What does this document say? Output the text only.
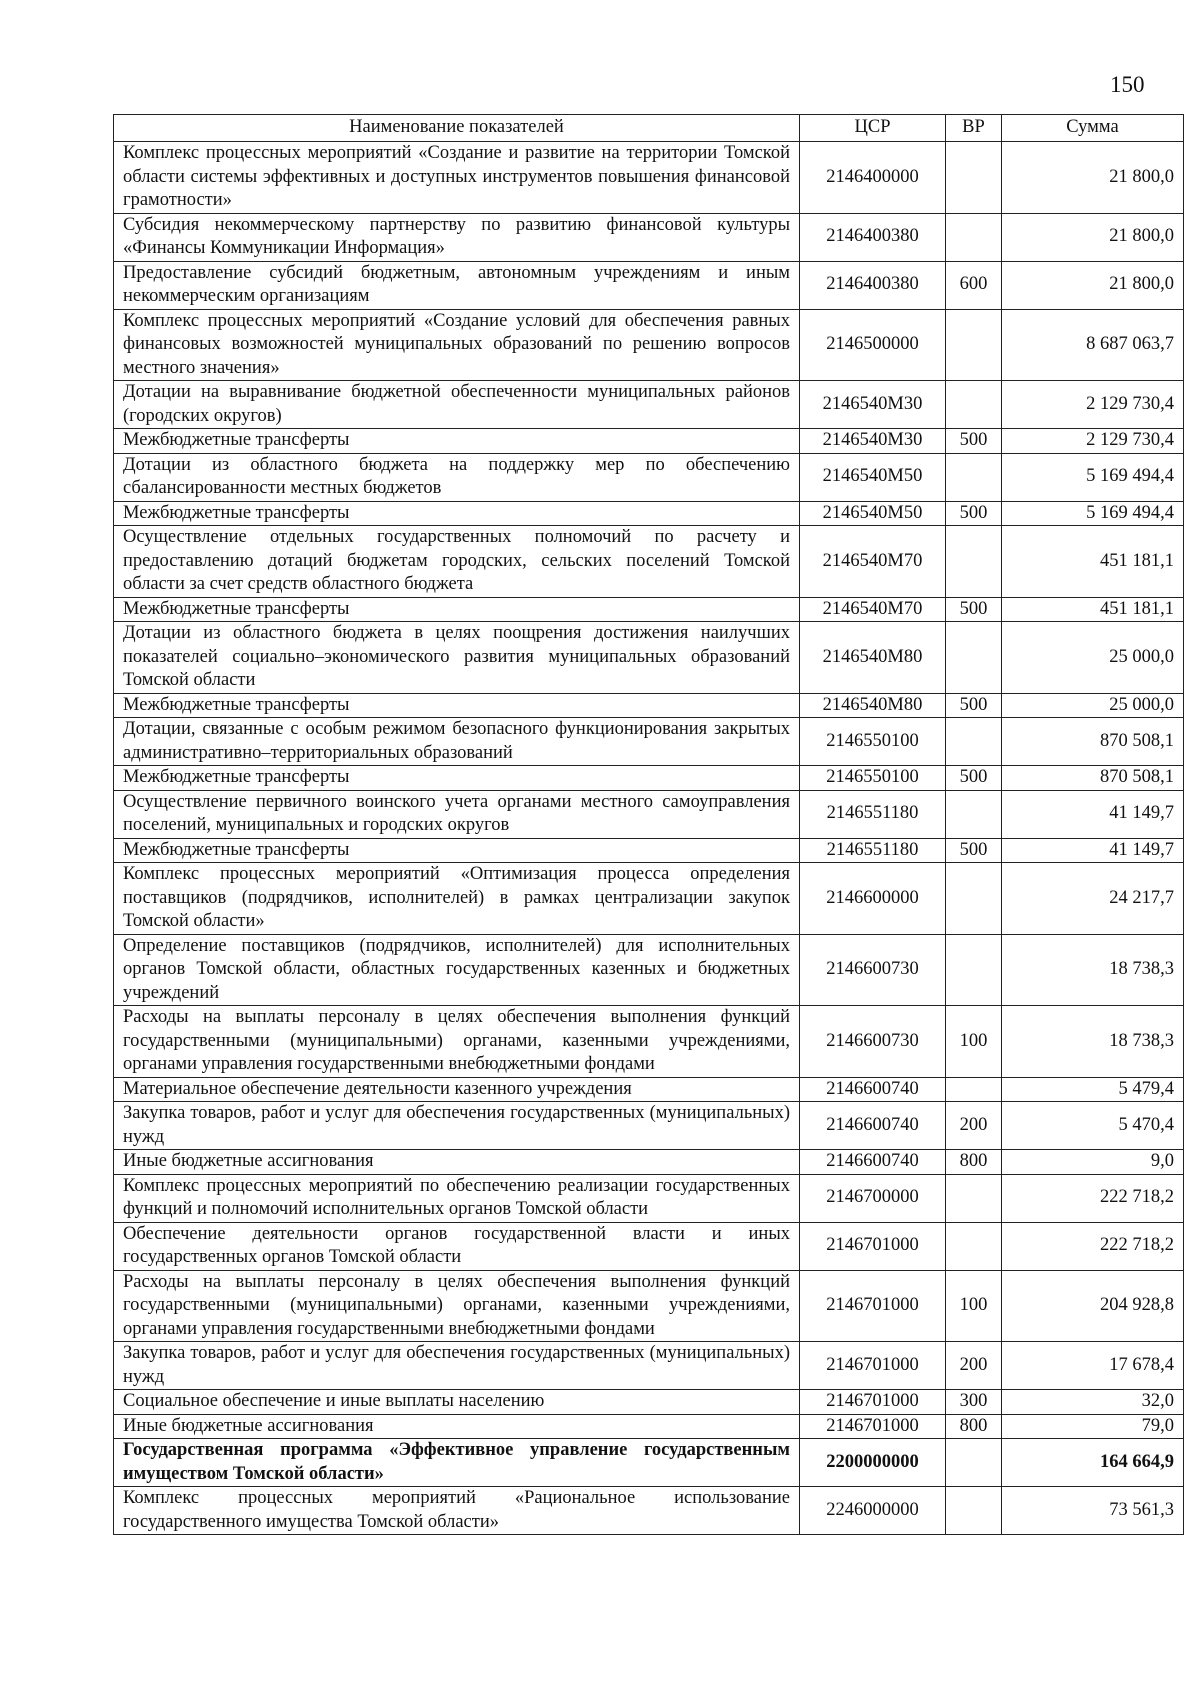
150
Наименование показателей	ЦСР	ВР	Сумма
Комплекс процессных мероприятий «Создание и развитие на территории Томской области системы эффективных и доступных инструментов повышения финансовой грамотности»	2146400000		21 800,0
Субсидия некоммерческому партнерству по развитию финансовой культуры «Финансы Коммуникации Информация»	2146400380		21 800,0
Предоставление субсидий бюджетным, автономным учреждениям и иным некоммерческим организациям	2146400380	600	21 800,0
Комплекс процессных мероприятий «Создание условий для обеспечения равных финансовых возможностей муниципальных образований по решению вопросов местного значения»	2146500000		8 687 063,7
Дотации на выравнивание бюджетной обеспеченности муниципальных районов (городских округов)	2146540М30		2 129 730,4
Межбюджетные трансферты	2146540М30	500	2 129 730,4
Дотации из областного бюджета на поддержку мер по обеспечению сбалансированности местных бюджетов	2146540М50		5 169 494,4
Межбюджетные трансферты	2146540М50	500	5 169 494,4
Осуществление отдельных государственных полномочий по расчету и предоставлению дотаций бюджетам городских, сельских поселений Томской области за счет средств областного бюджета	2146540М70		451 181,1
Межбюджетные трансферты	2146540М70	500	451 181,1
Дотации из областного бюджета в целях поощрения достижения наилучших показателей социально–экономического развития муниципальных образований Томской области	2146540М80		25 000,0
Межбюджетные трансферты	2146540М80	500	25 000,0
Дотации, связанные с особым режимом безопасного функционирования закрытых административно–территориальных образований	2146550100		870 508,1
Межбюджетные трансферты	2146550100	500	870 508,1
Осуществление первичного воинского учета органами местного самоуправления поселений, муниципальных и городских округов	2146551180		41 149,7
Межбюджетные трансферты	2146551180	500	41 149,7
Комплекс процессных мероприятий «Оптимизация процесса определения поставщиков (подрядчиков, исполнителей) в рамках централизации закупок Томской области»	2146600000		24 217,7
Определение поставщиков (подрядчиков, исполнителей) для исполнительных органов Томской области, областных государственных казенных и бюджетных учреждений	2146600730		18 738,3
Расходы на выплаты персоналу в целях обеспечения выполнения функций государственными (муниципальными) органами, казенными учреждениями, органами управления государственными внебюджетными фондами	2146600730	100	18 738,3
Материальное обеспечение деятельности казенного учреждения	2146600740		5 479,4
Закупка товаров, работ и услуг для обеспечения государственных (муниципальных) нужд	2146600740	200	5 470,4
Иные бюджетные ассигнования	2146600740	800	9,0
Комплекс процессных мероприятий по обеспечению реализации государственных функций и полномочий исполнительных органов Томской области	2146700000		222 718,2
Обеспечение деятельности органов государственной власти и иных государственных органов Томской области	2146701000		222 718,2
Расходы на выплаты персоналу в целях обеспечения выполнения функций государственными (муниципальными) органами, казенными учреждениями, органами управления государственными внебюджетными фондами	2146701000	100	204 928,8
Закупка товаров, работ и услуг для обеспечения государственных (муниципальных) нужд	2146701000	200	17 678,4
Социальное обеспечение и иные выплаты населению	2146701000	300	32,0
Иные бюджетные ассигнования	2146701000	800	79,0
Государственная программа «Эффективное управление государственным имуществом Томской области»	2200000000		164 664,9
Комплекс процессных мероприятий «Рациональное использование государственного имущества Томской области»	2246000000		73 561,3
